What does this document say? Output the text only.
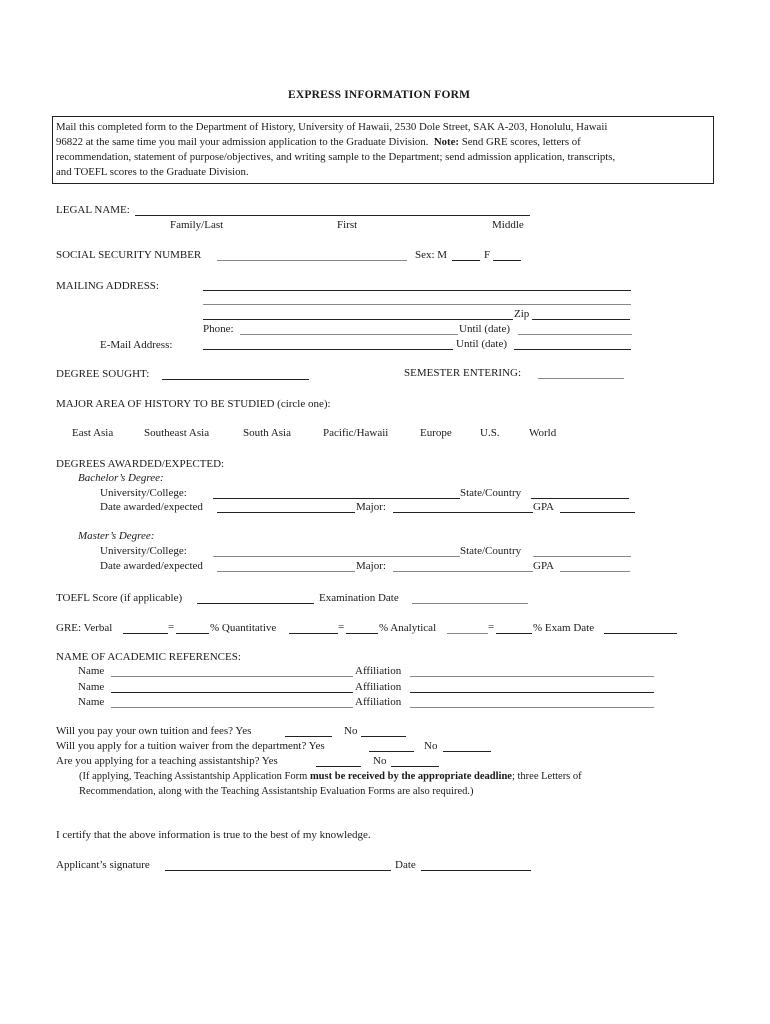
EXPRESS INFORMATION FORM
Mail this completed form to the Department of History, University of Hawaii, 2530 Dole Street, SAK A-203, Honolulu, Hawaii
96822 at the same time you mail your admission application to the Graduate Division. Note: Send GRE scores, letters of
recommendation, statement of purpose/objectives, and writing sample to the Department; send admission application, transcripts,
and TOEFL scores to the Graduate Division.
LEGAL NAME:
Family/Last	First	Middle
SOCIAL SECURITY NUMBER	Sex: M	F
MAILING ADDRESS:
Zip
Phone:	Until (date)
E-Mail Address:	Until (date)
DEGREE SOUGHT:	SEMESTER ENTERING:
MAJOR AREA OF HISTORY TO BE STUDIED (circle one):
East Asia	Southeast Asia	South Asia	Pacific/Hawaii	Europe	U.S.	World
DEGREES AWARDED/EXPECTED:
Bachelor’s Degree:
University/College:	State/Country
Date awarded/expected	Major:	GPA
Master’s Degree:
University/College:	State/Country
Date awarded/expected	Major:	GPA
TOEFL Score (if applicable)	Examination Date
GRE: Verbal	=	% Quantitative	=	% Analytical	=	% Exam Date
NAME OF ACADEMIC REFERENCES:
Name	Affiliation
Name	Affiliation
Name	Affiliation
Will you pay your own tuition and fees? Yes	No
Will you apply for a tuition waiver from the department? Yes	No
Are you applying for a teaching assistantship? Yes	No
(If applying, Teaching Assistantship Application Form must be received by the appropriate deadline; three Letters of
Recommendation, along with the Teaching Assistantship Evaluation Forms are also required.)
I certify that the above information is true to the best of my knowledge.
Applicant’s signature	Date
